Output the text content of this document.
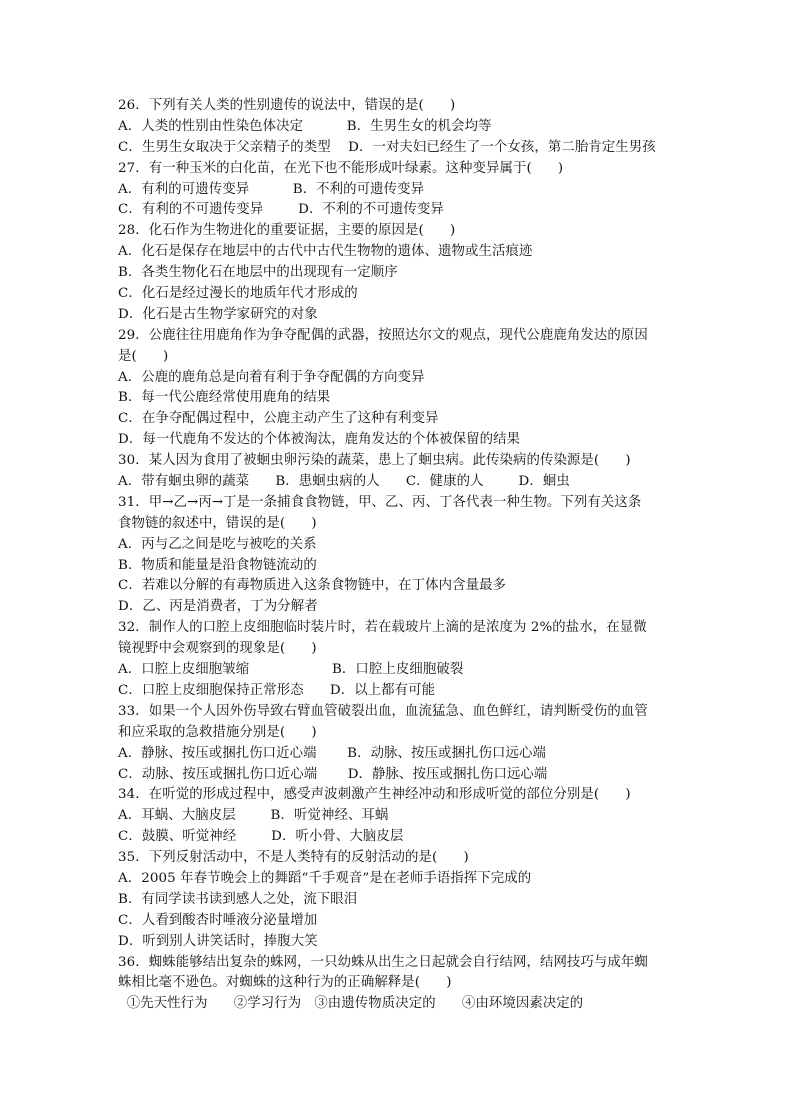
26．下列有关人类的性别遗传的说法中，错误的是(      )
A．人类的性别由性染色体决定          B．生男生女的机会均等
C．生男生女取决于父亲精子的类型    D．一对夫妇已经生了一个女孩，第二胎肯定生男孩
27．有一种玉米的白化苗，在光下也不能形成叶绿素。这种变异属于(      )
A．有利的可遗传变异          B．不利的可遗传变异
C．有利的不可遗传变异        D．不利的不可遗传变异
28．化石作为生物进化的重要证据，主要的原因是(      )
A．化石是保存在地层中的古代中古代生物物的遗体、遗物或生活痕迹
B．各类生物化石在地层中的出现现有一定顺序
C．化石是经过漫长的地质年代才形成的
D．化石是古生物学家研究的对象
29．公鹿往往用鹿角作为争夺配偶的武器，按照达尔文的观点，现代公鹿鹿角发达的原因
是(      )
A．公鹿的鹿角总是向着有利于争夺配偶的方向变异
B．每一代公鹿经常使用鹿角的结果
C．在争夺配偶过程中，公鹿主动产生了这种有利变异
D．每一代鹿角不发达的个体被淘汰，鹿角发达的个体被保留的结果
30．某人因为食用了被蛔虫卵污染的蔬菜，患上了蛔虫病。此传染病的传染源是(      )
A．带有蛔虫卵的蔬菜      B．患蛔虫病的人      C．健康的人        D．蛔虫
31．甲→乙→丙→丁是一条捕食食物链，甲、乙、丙、丁各代表一种生物。下列有关这条
食物链的叙述中，错误的是(      )
A．丙与乙之间是吃与被吃的关系
B．物质和能量是沿食物链流动的
C．若难以分解的有毒物质进入这条食物链中，在丁体内含量最多
D．乙、丙是消费者，丁为分解者
32．制作人的口腔上皮细胞临时装片时，若在载玻片上滴的是浓度为 2%的盐水，在显微
镜视野中会观察到的现象是(      )
A．口腔上皮细胞皱缩                   B．口腔上皮细胞破裂
C．口腔上皮细胞保持正常形态      D．以上都有可能
33．如果一个人因外伤导致右臂血管破裂出血，血流猛急、血色鲜红，请判断受伤的血管
和应采取的急救措施分别是(      )
A．静脉、按压或捆扎伤口近心端       B．动脉、按压或捆扎伤口远心端
C．动脉、按压或捆扎伤口近心端       D．静脉、按压或捆扎伤口远心端
34．在听觉的形成过程中，感受声波刺激产生神经冲动和形成听觉的部位分别是(      )
A．耳蜗、大脑皮层        B．听觉神经、耳蜗
C．鼓膜、听觉神经        D．听小骨、大脑皮层
35．下列反射活动中，不是人类特有的反射活动的是(      )
A．2005 年春节晚会上的舞蹈“千手观音”是在老师手语指挥下完成的
B．有同学读书读到感人之处，流下眼泪
C．人看到酸杏时唾液分泌量增加
D．听到别人讲笑话时，捧腹大笑
36．蜘蛛能够结出复杂的蛛网，一只幼蛛从出生之日起就会自行结网，结网技巧与成年蜘
蛛相比毫不逊色。对蜘蛛的这种行为的正确解释是(      )
①先天性行为      ②学习行为   ③由遗传物质决定的      ④由环境因素决定的
